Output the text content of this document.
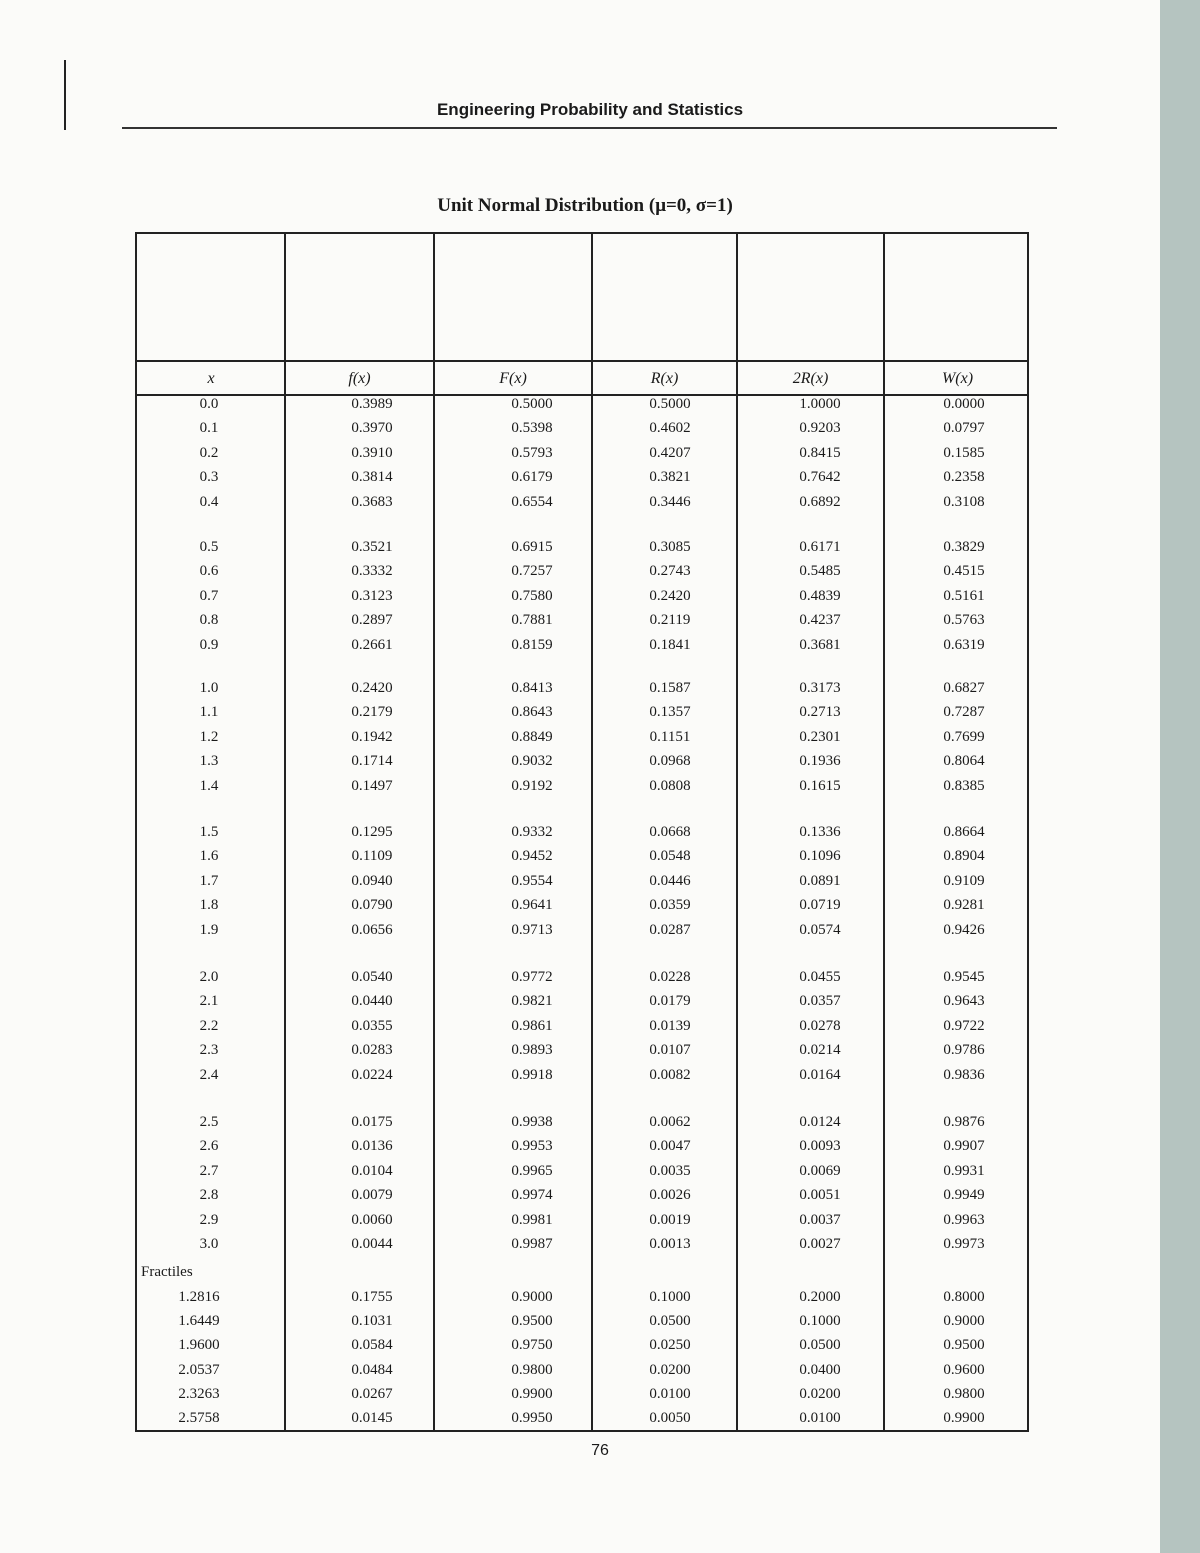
Engineering Probability and Statistics
Unit Normal Distribution (μ=0, σ=1)
x	f(x)	F(x)	R(x)	2R(x)	W(x)
0.0	0.3989	0.5000	0.5000	1.0000	0.0000
0.1	0.3970	0.5398	0.4602	0.9203	0.0797
0.2	0.3910	0.5793	0.4207	0.8415	0.1585
0.3	0.3814	0.6179	0.3821	0.7642	0.2358
0.4	0.3683	0.6554	0.3446	0.6892	0.3108
0.5	0.3521	0.6915	0.3085	0.6171	0.3829
0.6	0.3332	0.7257	0.2743	0.5485	0.4515
0.7	0.3123	0.7580	0.2420	0.4839	0.5161
0.8	0.2897	0.7881	0.2119	0.4237	0.5763
0.9	0.2661	0.8159	0.1841	0.3681	0.6319
1.0	0.2420	0.8413	0.1587	0.3173	0.6827
1.1	0.2179	0.8643	0.1357	0.2713	0.7287
1.2	0.1942	0.8849	0.1151	0.2301	0.7699
1.3	0.1714	0.9032	0.0968	0.1936	0.8064
1.4	0.1497	0.9192	0.0808	0.1615	0.8385
1.5	0.1295	0.9332	0.0668	0.1336	0.8664
1.6	0.1109	0.9452	0.0548	0.1096	0.8904
1.7	0.0940	0.9554	0.0446	0.0891	0.9109
1.8	0.0790	0.9641	0.0359	0.0719	0.9281
1.9	0.0656	0.9713	0.0287	0.0574	0.9426
2.0	0.0540	0.9772	0.0228	0.0455	0.9545
2.1	0.0440	0.9821	0.0179	0.0357	0.9643
2.2	0.0355	0.9861	0.0139	0.0278	0.9722
2.3	0.0283	0.9893	0.0107	0.0214	0.9786
2.4	0.0224	0.9918	0.0082	0.0164	0.9836
2.5	0.0175	0.9938	0.0062	0.0124	0.9876
2.6	0.0136	0.9953	0.0047	0.0093	0.9907
2.7	0.0104	0.9965	0.0035	0.0069	0.9931
2.8	0.0079	0.9974	0.0026	0.0051	0.9949
2.9	0.0060	0.9981	0.0019	0.0037	0.9963
3.0	0.0044	0.9987	0.0013	0.0027	0.9973
Fractiles
1.2816	0.1755	0.9000	0.1000	0.2000	0.8000
1.6449	0.1031	0.9500	0.0500	0.1000	0.9000
1.9600	0.0584	0.9750	0.0250	0.0500	0.9500
2.0537	0.0484	0.9800	0.0200	0.0400	0.9600
2.3263	0.0267	0.9900	0.0100	0.0200	0.9800
2.5758	0.0145	0.9950	0.0050	0.0100	0.9900
76
